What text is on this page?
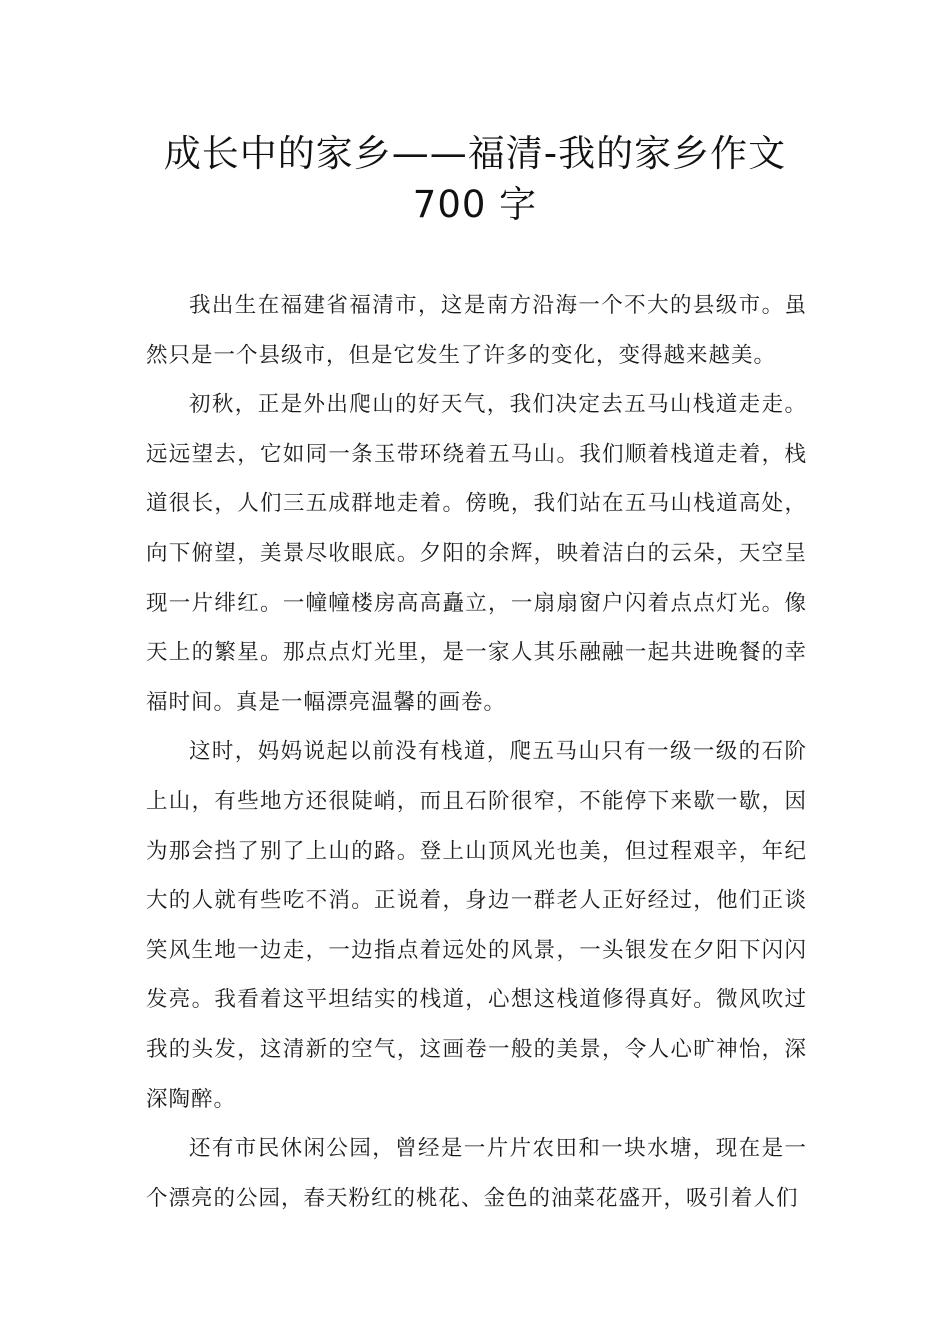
成长中的家乡——福清-我的家乡作文
700 字

我出生在福建省福清市，这是南方沿海一个不大的县级市。虽然只是一个县级市，但是它发生了许多的变化，变得越来越美。

初秋，正是外出爬山的好天气，我们决定去五马山栈道走走。远远望去，它如同一条玉带环绕着五马山。我们顺着栈道走着，栈道很长，人们三五成群地走着。傍晚，我们站在五马山栈道高处，向下俯望，美景尽收眼底。夕阳的余辉，映着洁白的云朵，天空呈现一片绯红。一幢幢楼房高高矗立，一扇扇窗户闪着点点灯光。像天上的繁星。那点点灯光里，是一家人其乐融融一起共进晚餐的幸福时间。真是一幅漂亮温馨的画卷。

这时，妈妈说起以前没有栈道，爬五马山只有一级一级的石阶上山，有些地方还很陡峭，而且石阶很窄，不能停下来歇一歇，因为那会挡了别了上山的路。登上山顶风光也美，但过程艰辛，年纪大的人就有些吃不消。正说着，身边一群老人正好经过，他们正谈笑风生地一边走，一边指点着远处的风景，一头银发在夕阳下闪闪发亮。我看着这平坦结实的栈道，心想这栈道修得真好。微风吹过我的头发，这清新的空气，这画卷一般的美景，令人心旷神怡，深深陶醉。

还有市民休闲公园，曾经是一片片农田和一块水塘，现在是一个漂亮的公园，春天粉红的桃花、金色的油菜花盛开，吸引着人们
